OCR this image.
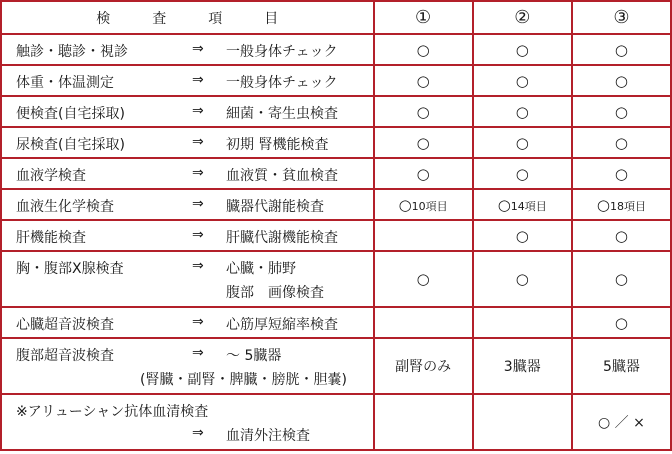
検　査　項　目	①	②	③

触診・聴診・視診 ⇒ 一般身体チェック	○	○	○

体重・体温測定 ⇒ 一般身体チェック	○	○	○

便検査(自宅採取) ⇒ 細菌・寄生虫検査	○	○	○

尿検査(自宅採取) ⇒ 初期 腎機能検査	○	○	○

血液学検査 ⇒ 血液質・貧血検査	○	○	○

血液生化学検査 ⇒ 臓器代謝能検査	○10項目	○14項目	○18項目

肝機能検査 ⇒ 肝臓代謝機能検査		○	○

胸・腹部X腺検査 ⇒ 心臓・肺野
腹部　画像検査	○	○	○

心臓超音波検査 ⇒ 心筋厚短縮率検査			○

腹部超音波検査 ⇒ ～ 5臓器
(腎臓・副腎・脾臓・膀胱・胆嚢)	副腎のみ	3臓器	5臓器

※アリューシャン抗体血清検査
⇒ 血清外注検査			○ ／ ×
